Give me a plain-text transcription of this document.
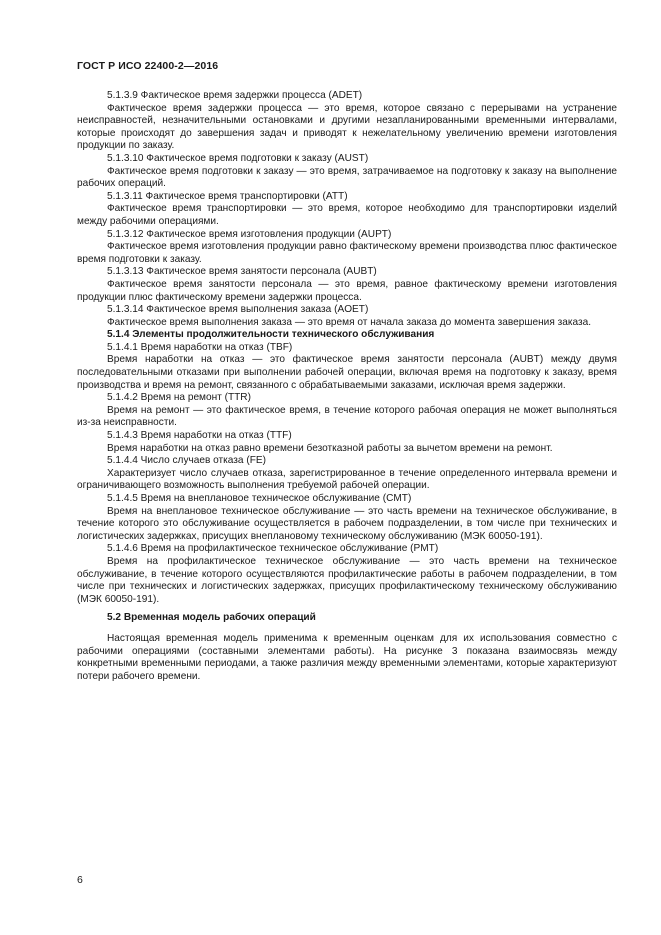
ГОСТ Р ИСО 22400-2—2016

5.1.3.9 Фактическое время задержки процесса (ADET)

Фактическое время задержки процесса — это время, которое связано с перерывами на устранение неисправностей, незначительными остановками и другими незапланированными временными интервалами, которые происходят до завершения задач и приводят к нежелательному увеличению времени изготовления продукции по заказу.

5.1.3.10 Фактическое время подготовки к заказу (AUST)

Фактическое время подготовки к заказу — это время, затрачиваемое на подготовку к заказу на выполнение рабочих операций.

5.1.3.11 Фактическое время транспортировки (ATT)

Фактическое время транспортировки — это время, которое необходимо для транспортировки изделий между рабочими операциями.

5.1.3.12 Фактическое время изготовления продукции (AUPT)

Фактическое время изготовления продукции равно фактическому времени производства плюс фактическое время подготовки к заказу.

5.1.3.13 Фактическое время занятости персонала (AUBT)

Фактическое время занятости персонала — это время, равное фактическому времени изготовления продукции плюс фактическому времени задержки процесса.

5.1.3.14 Фактическое время выполнения заказа (AOET)

Фактическое время выполнения заказа — это время от начала заказа до момента завершения заказа.

5.1.4 Элементы продолжительности технического обслуживания

5.1.4.1 Время наработки на отказ (TBF)

Время наработки на отказ — это фактическое время занятости персонала (AUBT) между двумя последовательными отказами при выполнении рабочей операции, включая время на подготовку к заказу, время производства и время на ремонт, связанного с обрабатываемыми заказами, исключая время задержки.

5.1.4.2 Время на ремонт (TTR)

Время на ремонт — это фактическое время, в течение которого рабочая операция не может выполняться из-за неисправности.

5.1.4.3 Время наработки на отказ (TTF)

Время наработки на отказ равно времени безотказной работы за вычетом времени на ремонт.

5.1.4.4 Число случаев отказа (FE)

Характеризует число случаев отказа, зарегистрированное в течение определенного интервала времени и ограничивающего возможность выполнения требуемой рабочей операции.

5.1.4.5 Время на внеплановое техническое обслуживание (CMT)

Время на внеплановое техническое обслуживание — это часть времени на техническое обслуживание, в течение которого это обслуживание осуществляется в рабочем подразделении, в том числе при технических и логистических задержках, присущих внеплановому техническому обслуживанию (МЭК 60050-191).

5.1.4.6 Время на профилактическое техническое обслуживание (PMT)

Время на профилактическое техническое обслуживание — это часть времени на техническое обслуживание, в течение которого осуществляются профилактические работы в рабочем подразделении, в том числе при технических и логистических задержках, присущих профилактическому техническому обслуживанию (МЭК 60050-191).

5.2 Временная модель рабочих операций

Настоящая временная модель применима к временным оценкам для их использования совместно с рабочими операциями (составными элементами работы). На рисунке 3 показана взаимосвязь между конкретными временными периодами, а также различия между временными элементами, которые характеризуют потери рабочего времени.

6
